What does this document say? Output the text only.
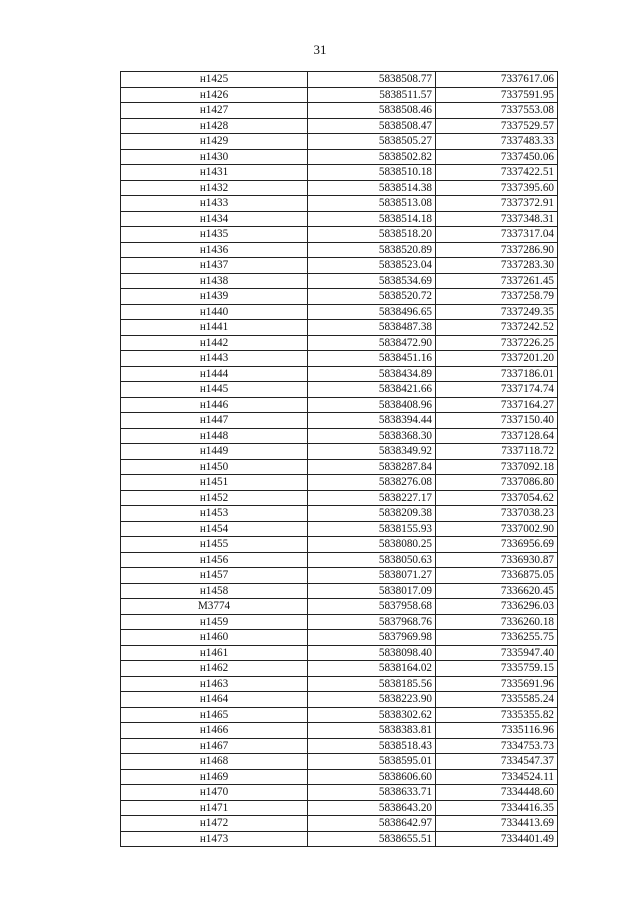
31
н1425	5838508.77	7337617.06
н1426	5838511.57	7337591.95
н1427	5838508.46	7337553.08
н1428	5838508.47	7337529.57
н1429	5838505.27	7337483.33
н1430	5838502.82	7337450.06
н1431	5838510.18	7337422.51
н1432	5838514.38	7337395.60
н1433	5838513.08	7337372.91
н1434	5838514.18	7337348.31
н1435	5838518.20	7337317.04
н1436	5838520.89	7337286.90
н1437	5838523.04	7337283.30
н1438	5838534.69	7337261.45
н1439	5838520.72	7337258.79
н1440	5838496.65	7337249.35
н1441	5838487.38	7337242.52
н1442	5838472.90	7337226.25
н1443	5838451.16	7337201.20
н1444	5838434.89	7337186.01
н1445	5838421.66	7337174.74
н1446	5838408.96	7337164.27
н1447	5838394.44	7337150.40
н1448	5838368.30	7337128.64
н1449	5838349.92	7337118.72
н1450	5838287.84	7337092.18
н1451	5838276.08	7337086.80
н1452	5838227.17	7337054.62
н1453	5838209.38	7337038.23
н1454	5838155.93	7337002.90
н1455	5838080.25	7336956.69
н1456	5838050.63	7336930.87
н1457	5838071.27	7336875.05
н1458	5838017.09	7336620.45
М3774	5837958.68	7336296.03
н1459	5837968.76	7336260.18
н1460	5837969.98	7336255.75
н1461	5838098.40	7335947.40
н1462	5838164.02	7335759.15
н1463	5838185.56	7335691.96
н1464	5838223.90	7335585.24
н1465	5838302.62	7335355.82
н1466	5838383.81	7335116.96
н1467	5838518.43	7334753.73
н1468	5838595.01	7334547.37
н1469	5838606.60	7334524.11
н1470	5838633.71	7334448.60
н1471	5838643.20	7334416.35
н1472	5838642.97	7334413.69
н1473	5838655.51	7334401.49
